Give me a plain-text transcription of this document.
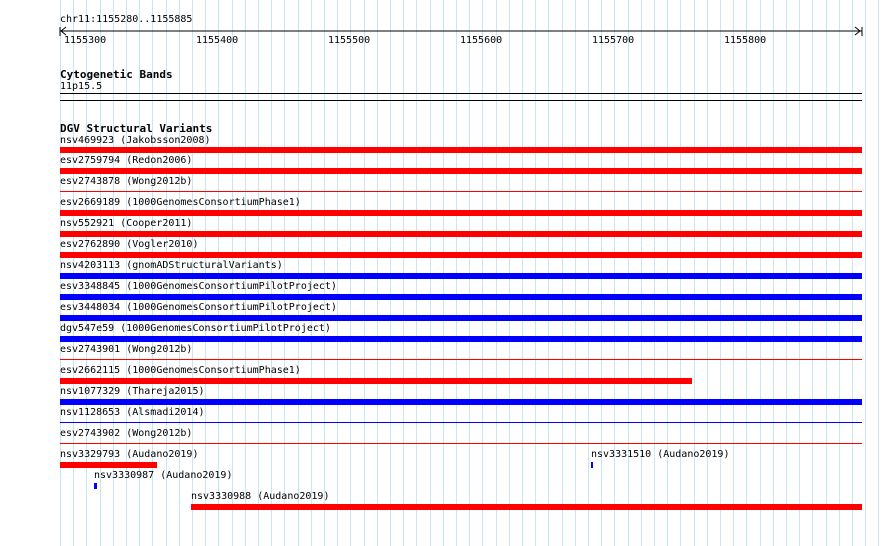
chr11:1155280..1155885
1155300	1155400	1155500	1155600	1155700	1155800
Cytogenetic Bands
11p15.5
DGV Structural Variants
nsv469923 (Jakobsson2008)
esv2759794 (Redon2006)
esv2743878 (Wong2012b)
esv2669189 (1000GenomesConsortiumPhase1)
nsv552921 (Cooper2011)
esv2762890 (Vogler2010)
nsv4203113 (gnomADStructuralVariants)
esv3348845 (1000GenomesConsortiumPilotProject)
esv3448034 (1000GenomesConsortiumPilotProject)
dgv547e59 (1000GenomesConsortiumPilotProject)
esv2743901 (Wong2012b)
esv2662115 (1000GenomesConsortiumPhase1)
nsv1077329 (Thareja2015)
nsv1128653 (Alsmadi2014)
esv2743902 (Wong2012b)
nsv3329793 (Audano2019)	nsv3331510 (Audano2019)
nsv3330987 (Audano2019)
nsv3330988 (Audano2019)
